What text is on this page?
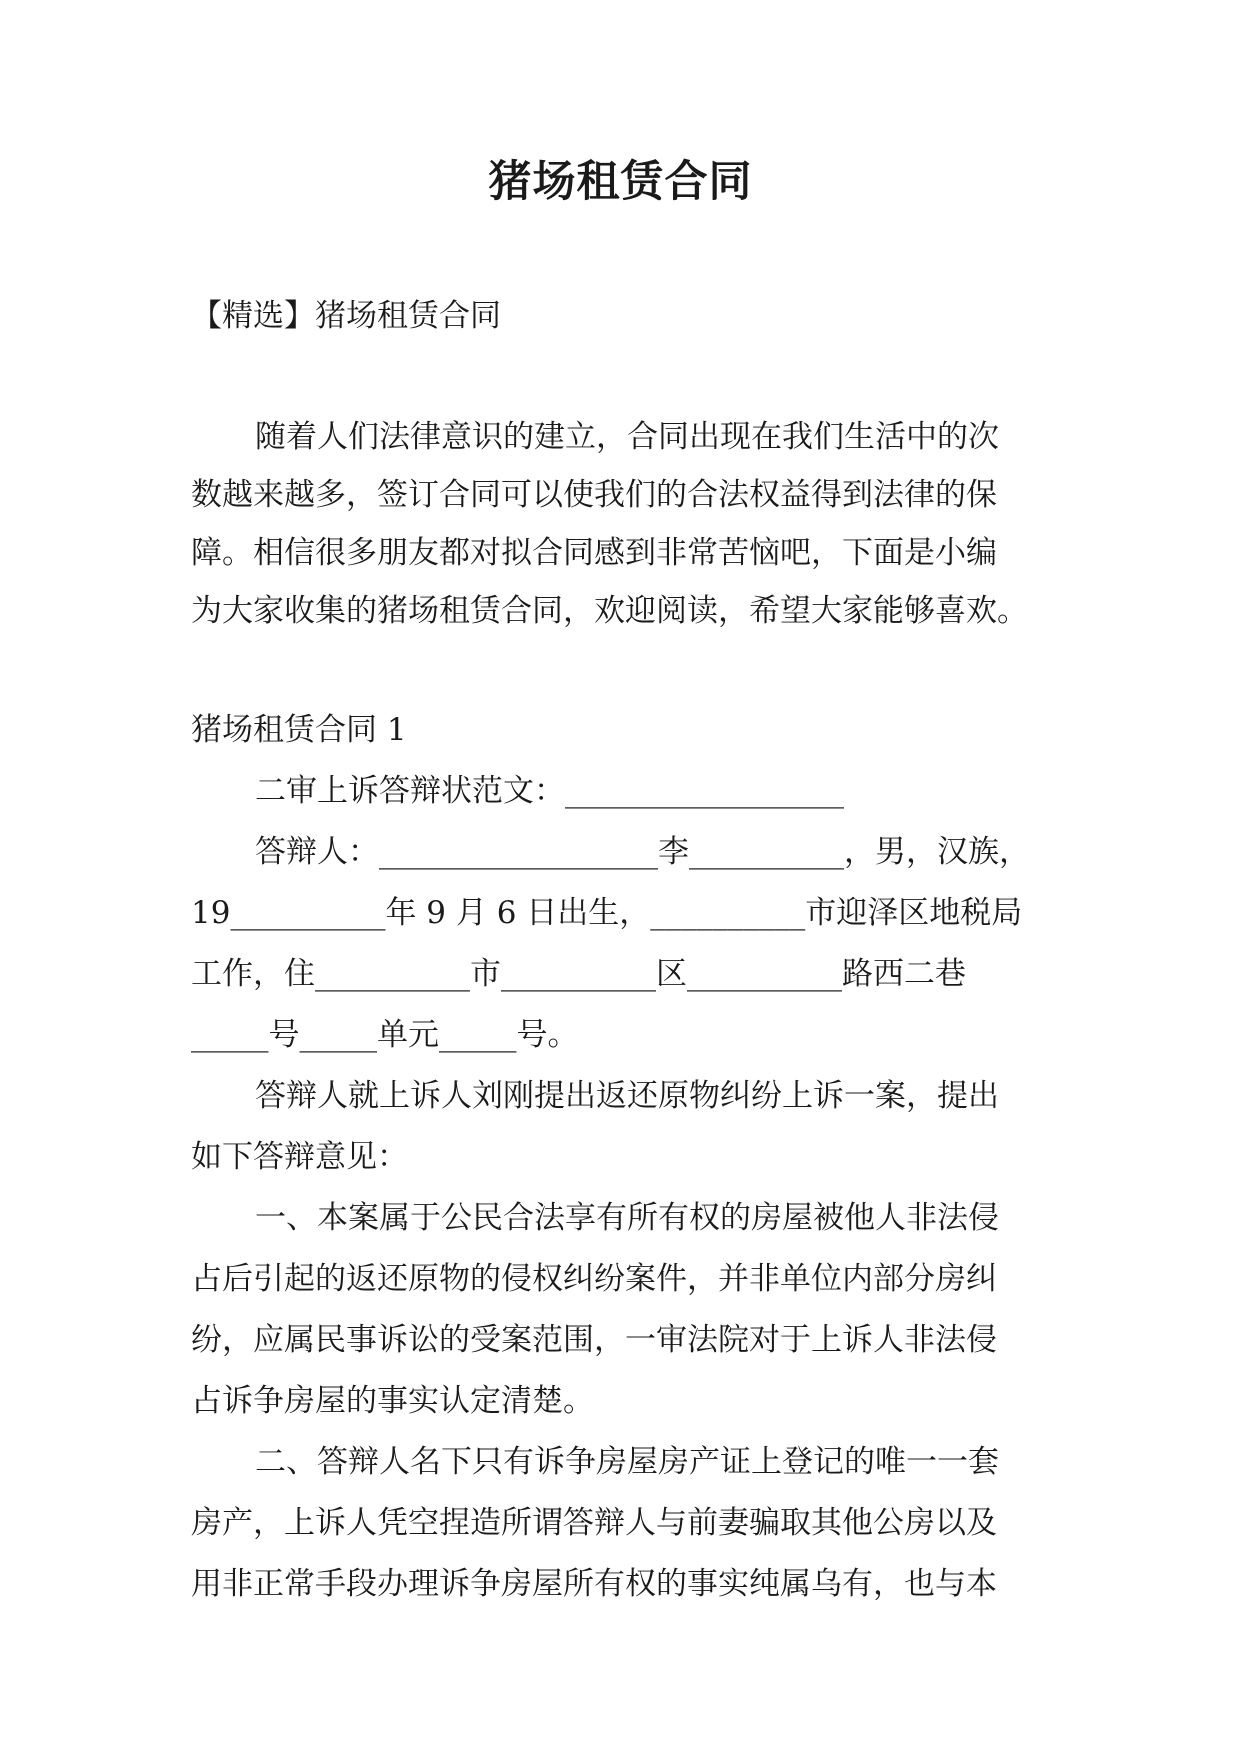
猪场租赁合同
【精选】猪场租赁合同
随着人们法律意识的建立，合同出现在我们生活中的次
数越来越多，签订合同可以使我们的合法权益得到法律的保
障。相信很多朋友都对拟合同感到非常苦恼吧，下面是小编
为大家收集的猪场租赁合同，欢迎阅读，希望大家能够喜欢。
猪场租赁合同 1
二审上诉答辩状范文：__________________
答辩人：__________________李__________，男，汉族，
19__________年 9 月 6 日出生，__________市迎泽区地税局
工作，住__________市__________区__________路西二巷
_____号_____单元_____号。
答辩人就上诉人刘刚提出返还原物纠纷上诉一案，提出
如下答辩意见：
一、本案属于公民合法享有所有权的房屋被他人非法侵
占后引起的返还原物的侵权纠纷案件，并非单位内部分房纠
纷，应属民事诉讼的受案范围，一审法院对于上诉人非法侵
占诉争房屋的事实认定清楚。
二、答辩人名下只有诉争房屋房产证上登记的唯一一套
房产，上诉人凭空捏造所谓答辩人与前妻骗取其他公房以及
用非正常手段办理诉争房屋所有权的事实纯属乌有，也与本
